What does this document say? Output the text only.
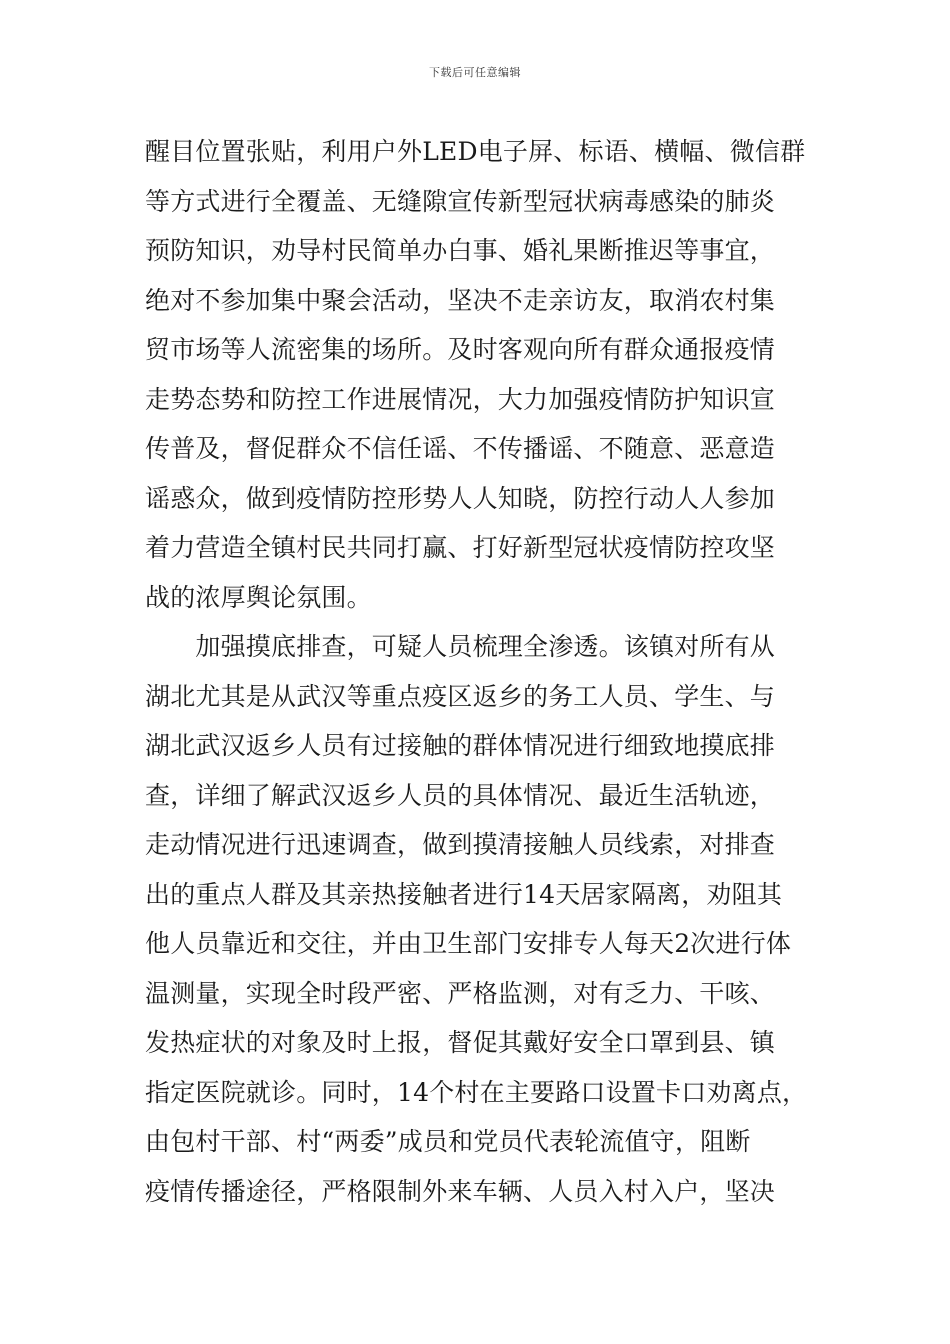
下载后可任意编辑
醒目位置张贴，利用户外LED电子屏、标语、横幅、微信群
等方式进行全覆盖、无缝隙宣传新型冠状病毒感染的肺炎
预防知识，劝导村民简单办白事、婚礼果断推迟等事宜，
绝对不参加集中聚会活动，坚决不走亲访友，取消农村集
贸市场等人流密集的场所。及时客观向所有群众通报疫情
走势态势和防控工作进展情况，大力加强疫情防护知识宣
传普及，督促群众不信任谣、不传播谣、不随意、恶意造
谣惑众，做到疫情防控形势人人知晓，防控行动人人参加
着力营造全镇村民共同打赢、打好新型冠状疫情防控攻坚
战的浓厚舆论氛围。
　　加强摸底排查，可疑人员梳理全渗透。该镇对所有从
湖北尤其是从武汉等重点疫区返乡的务工人员、学生、与
湖北武汉返乡人员有过接触的群体情况进行细致地摸底排
查，详细了解武汉返乡人员的具体情况、最近生活轨迹，
走动情况进行迅速调查，做到摸清接触人员线索，对排查
出的重点人群及其亲热接触者进行14天居家隔离，劝阻其
他人员靠近和交往，并由卫生部门安排专人每天2次进行体
温测量，实现全时段严密、严格监测，对有乏力、干咳、
发热症状的对象及时上报，督促其戴好安全口罩到县、镇
指定医院就诊。同时，14个村在主要路口设置卡口劝离点，
由包村干部、村“两委”成员和党员代表轮流值守，阻断
疫情传播途径，严格限制外来车辆、人员入村入户，坚决
